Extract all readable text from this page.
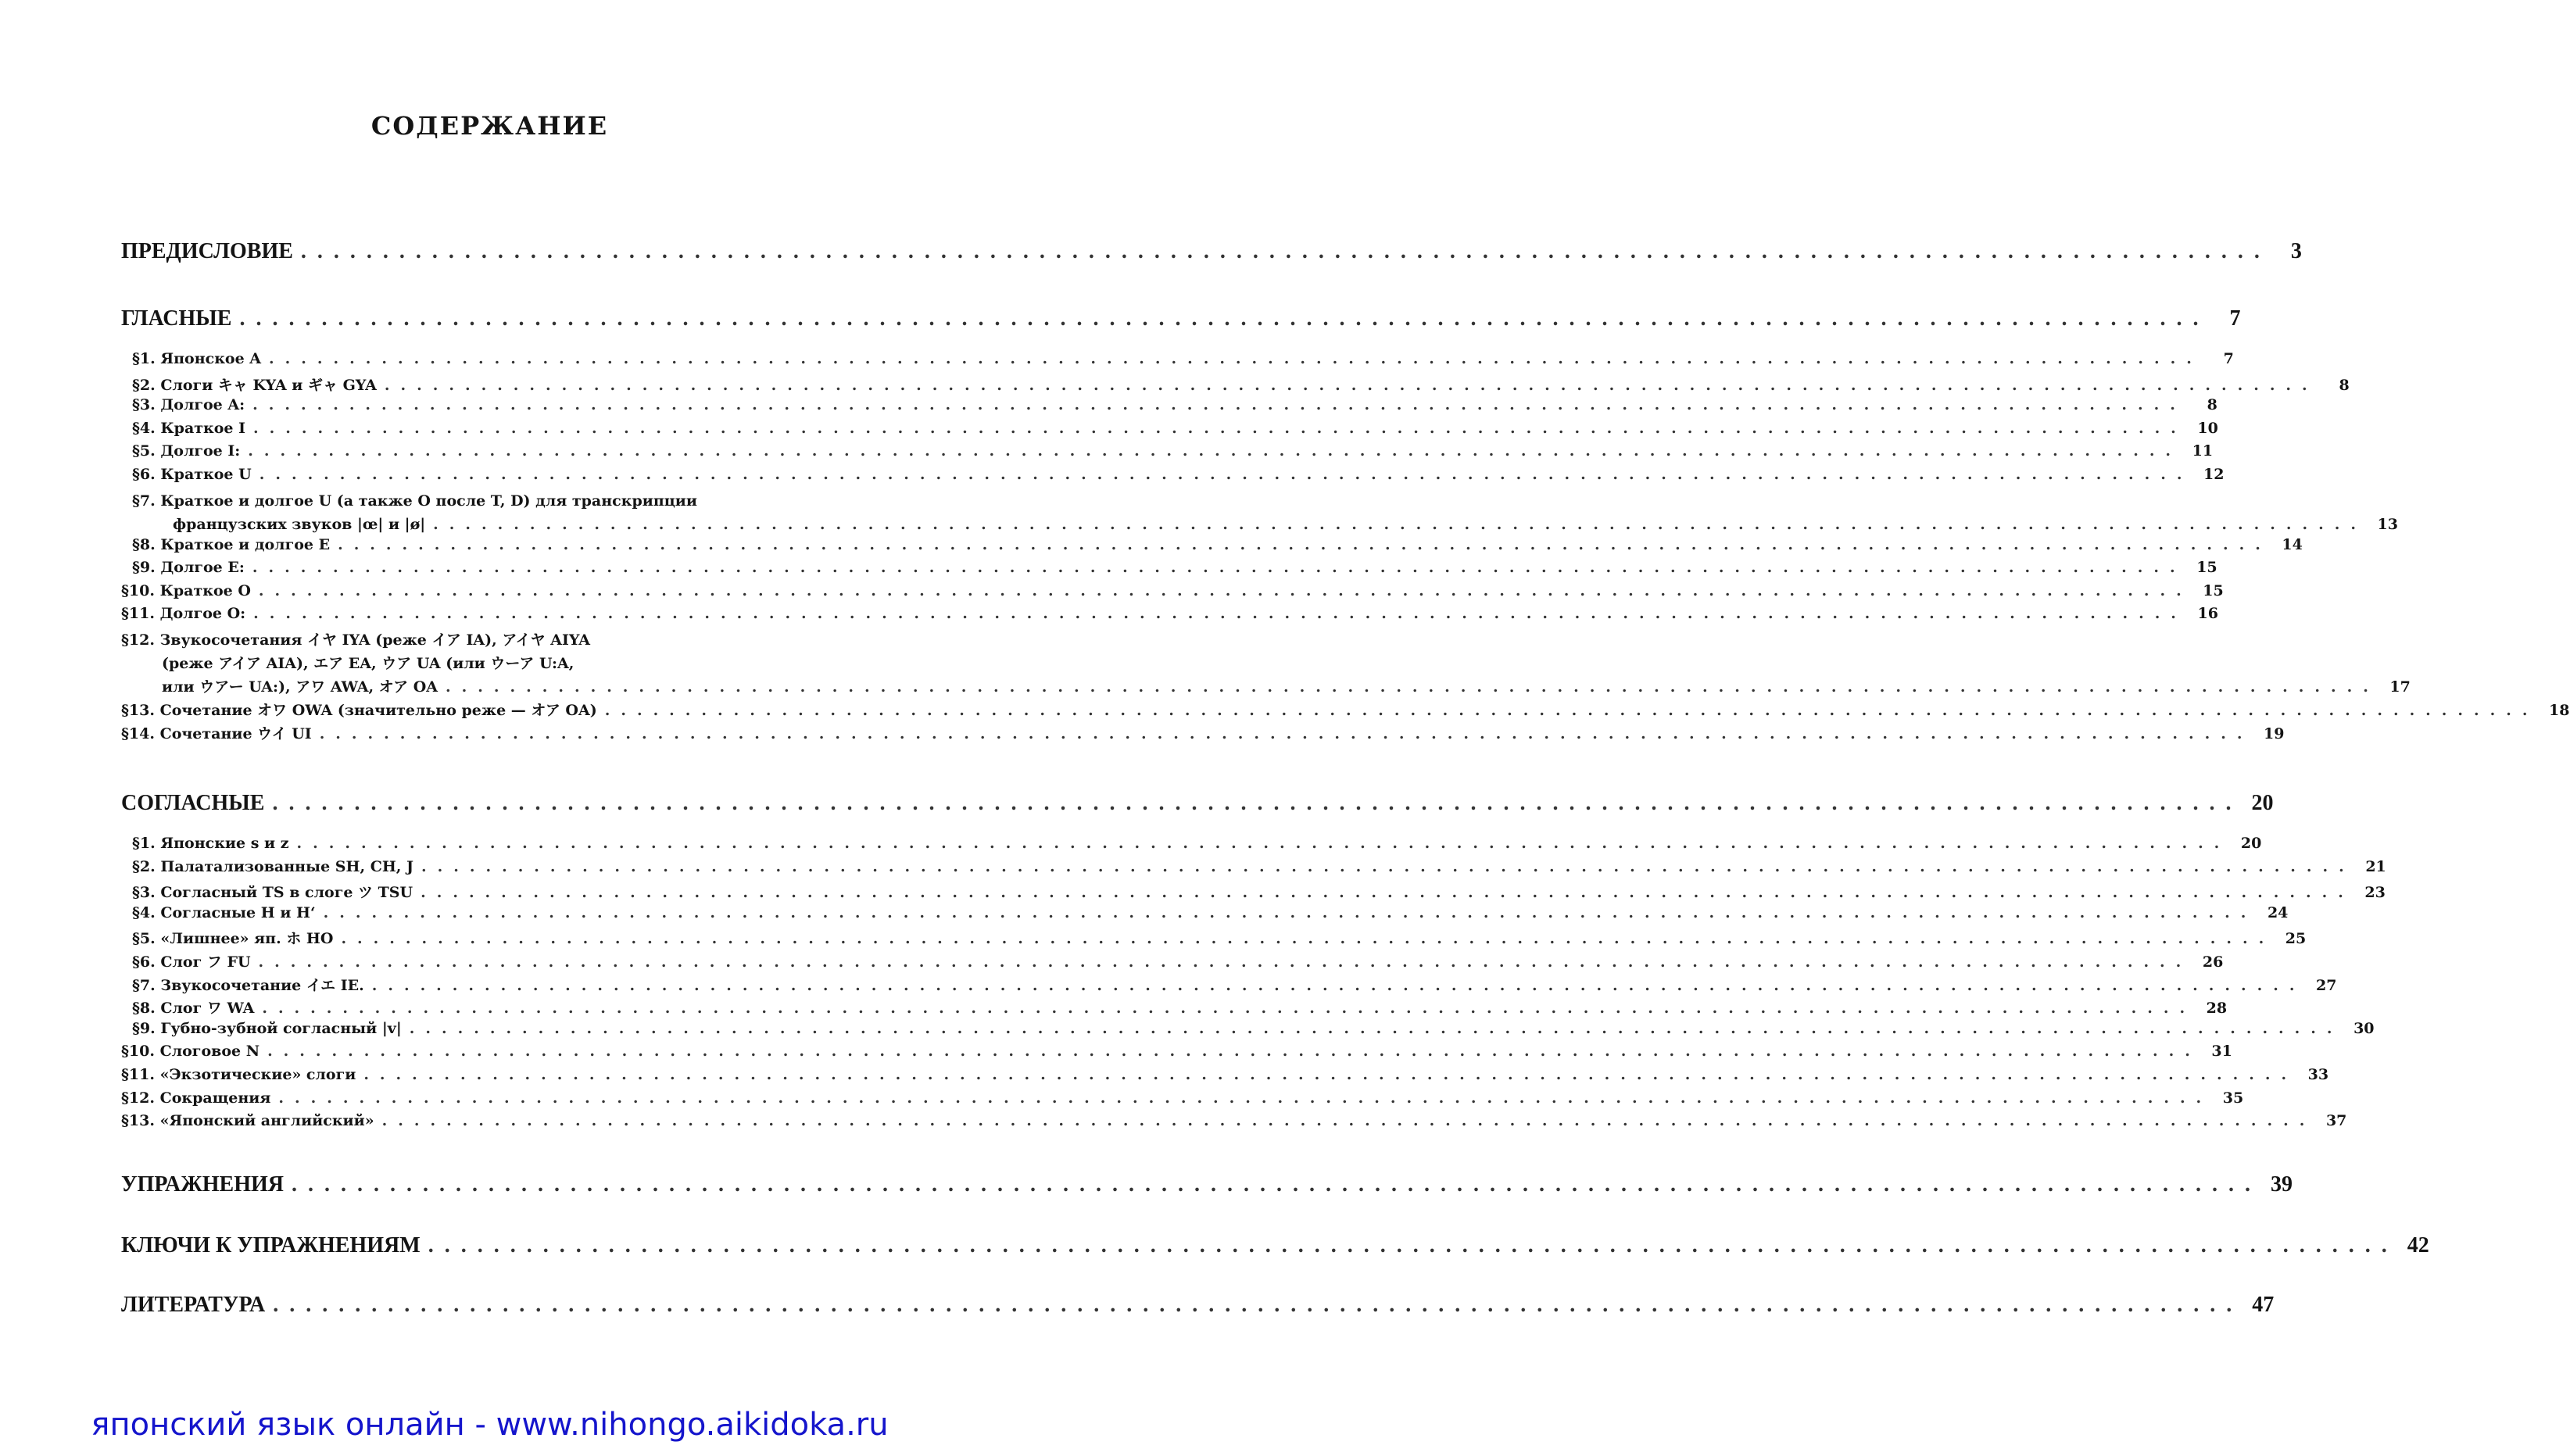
СОДЕРЖАНИЕ
ПРЕДИСЛОВИЕ ........................................................................................................................ 3
ГЛАСНЫЕ ........................................................................................................................ 7
§1. Японское A ........................................................................................................................	7
§2. Слоги キャ KYA и ギャ GYA ........................................................................................................................	8
§3. Долгое A: ........................................................................................................................	8
§4. Краткое I ........................................................................................................................ 10
§5. Долгое I: ........................................................................................................................ 11
§6. Краткое U ........................................................................................................................ 12
§7. Краткое и долгое U (а также O после T, D) для транскрипции
французских звуков |œ| и |ø| ........................................................................................................................ 13
§8. Краткое и долгое E ........................................................................................................................ 14
§9. Долгое E: ........................................................................................................................ 15
§10. Краткое O ........................................................................................................................ 15
§11. Долгое O: ........................................................................................................................ 16
§12. Звукосочетания イヤ IYA (реже イア IA), アイヤ AIYA
(реже アイア AIA), エア EA, ウア UA (или ウーア U:A,
или ウアー UA:), アワ AWA, オア OA ........................................................................................................................ 17
§13. Сочетание オワ OWA (значительно реже — オア OA) ........................................................................................................................ 18
§14. Сочетание ウイ UI ........................................................................................................................ 19
СОГЛАСНЫЕ ........................................................................................................................ 20
§1. Японские s и z ........................................................................................................................ 20
§2. Палатализованные SH, CH, J ........................................................................................................................ 21
§3. Согласный TS в слоге ツ TSU ........................................................................................................................ 23
§4. Согласные H и H‘ ........................................................................................................................ 24
§5. «Лишнее» яп. ホ HO ........................................................................................................................ 25
§6. Слог フ FU ........................................................................................................................ 26
§7. Звукосочетание イエ IE. ........................................................................................................................ 27
§8. Слог ワ WA ........................................................................................................................ 28
§9. Губно-зубной согласный |v| ........................................................................................................................ 30
§10. Слоговое N ........................................................................................................................ 31
§11. «Экзотические» слоги ........................................................................................................................ 33
§12. Сокращения ........................................................................................................................ 35
§13. «Японский английский» ........................................................................................................................ 37
УПРАЖНЕНИЯ ........................................................................................................................ 39
КЛЮЧИ К УПРАЖНЕНИЯМ ........................................................................................................................ 42
ЛИТЕРАТУРА ........................................................................................................................ 47
японский язык онлайн - www.nihongo.aikidoka.ru
